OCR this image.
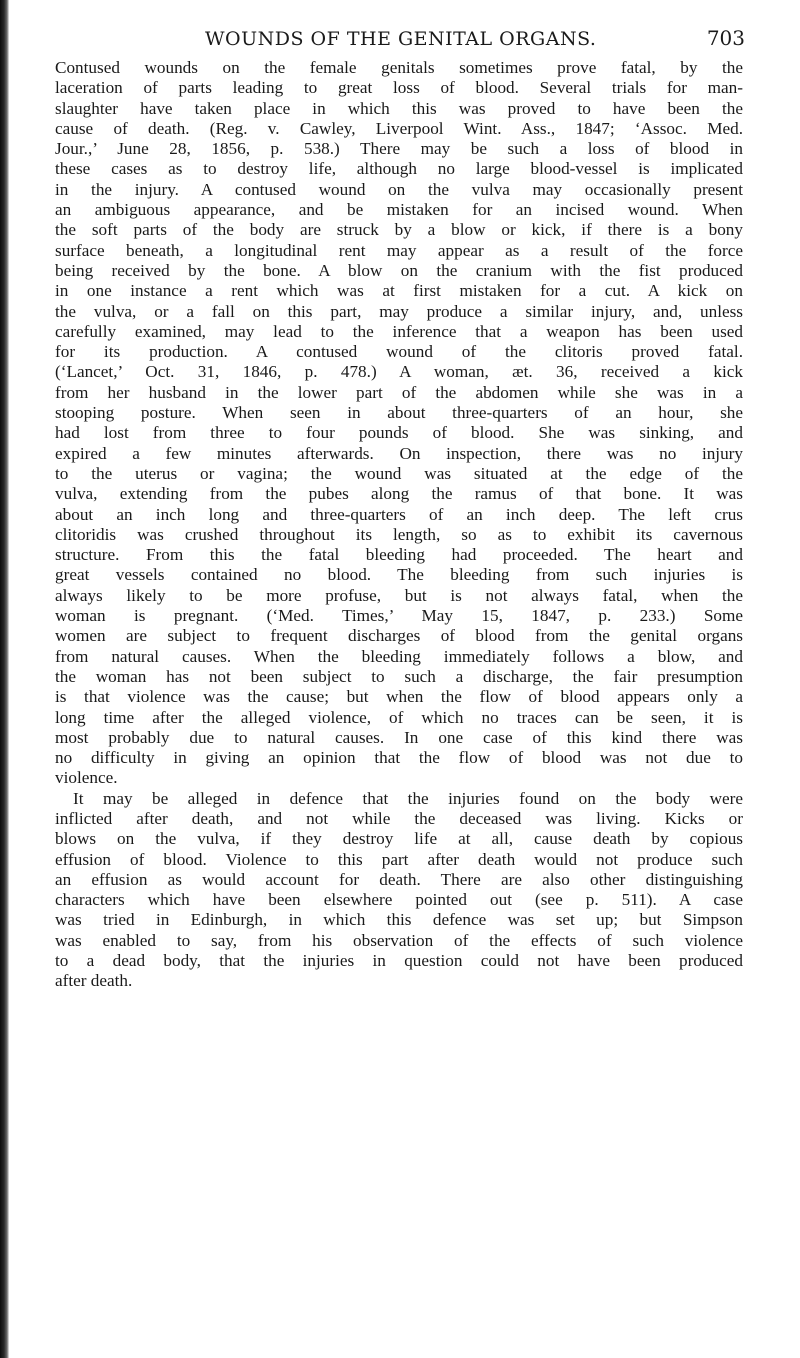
WOUNDS OF THE GENITAL ORGANS.	703
Contused wounds on the female genitals sometimes prove fatal, by the
laceration of parts leading to great loss of blood. Several trials for man-
slaughter have taken place in which this was proved to have been the
cause of death. (Reg. v. Cawley, Liverpool Wint. Ass., 1847; ‘Assoc. Med.
Jour.,’ June 28, 1856, p. 538.) There may be such a loss of blood in
these cases as to destroy life, although no large blood-vessel is implicated
in the injury. A contused wound on the vulva may occasionally present
an ambiguous appearance, and be mistaken for an incised wound. When
the soft parts of the body are struck by a blow or kick, if there is a bony
surface beneath, a longitudinal rent may appear as a result of the force
being received by the bone. A blow on the cranium with the fist produced
in one instance a rent which was at first mistaken for a cut. A kick on
the vulva, or a fall on this part, may produce a similar injury, and, unless
carefully examined, may lead to the inference that a weapon has been used
for its production. A contused wound of the clitoris proved fatal.
(‘Lancet,’ Oct. 31, 1846, p. 478.) A woman, æt. 36, received a kick
from her husband in the lower part of the abdomen while she was in a
stooping posture. When seen in about three-quarters of an hour, she
had lost from three to four pounds of blood. She was sinking, and
expired a few minutes afterwards. On inspection, there was no injury
to the uterus or vagina; the wound was situated at the edge of the
vulva, extending from the pubes along the ramus of that bone. It was
about an inch long and three-quarters of an inch deep. The left crus
clitoridis was crushed throughout its length, so as to exhibit its cavernous
structure. From this the fatal bleeding had proceeded. The heart and
great vessels contained no blood. The bleeding from such injuries is
always likely to be more profuse, but is not always fatal, when the
woman is pregnant. (‘Med. Times,’ May 15, 1847, p. 233.) Some
women are subject to frequent discharges of blood from the genital organs
from natural causes. When the bleeding immediately follows a blow, and
the woman has not been subject to such a discharge, the fair presumption
is that violence was the cause; but when the flow of blood appears only a
long time after the alleged violence, of which no traces can be seen, it is
most probably due to natural causes. In one case of this kind there was
no difficulty in giving an opinion that the flow of blood was not due to
violence.
It may be alleged in defence that the injuries found on the body were
inflicted after death, and not while the deceased was living. Kicks or
blows on the vulva, if they destroy life at all, cause death by copious
effusion of blood. Violence to this part after death would not produce such
an effusion as would account for death. There are also other distinguishing
characters which have been elsewhere pointed out (see p. 511). A case
was tried in Edinburgh, in which this defence was set up; but Simpson
was enabled to say, from his observation of the effects of such violence
to a dead body, that the injuries in question could not have been produced
after death.
